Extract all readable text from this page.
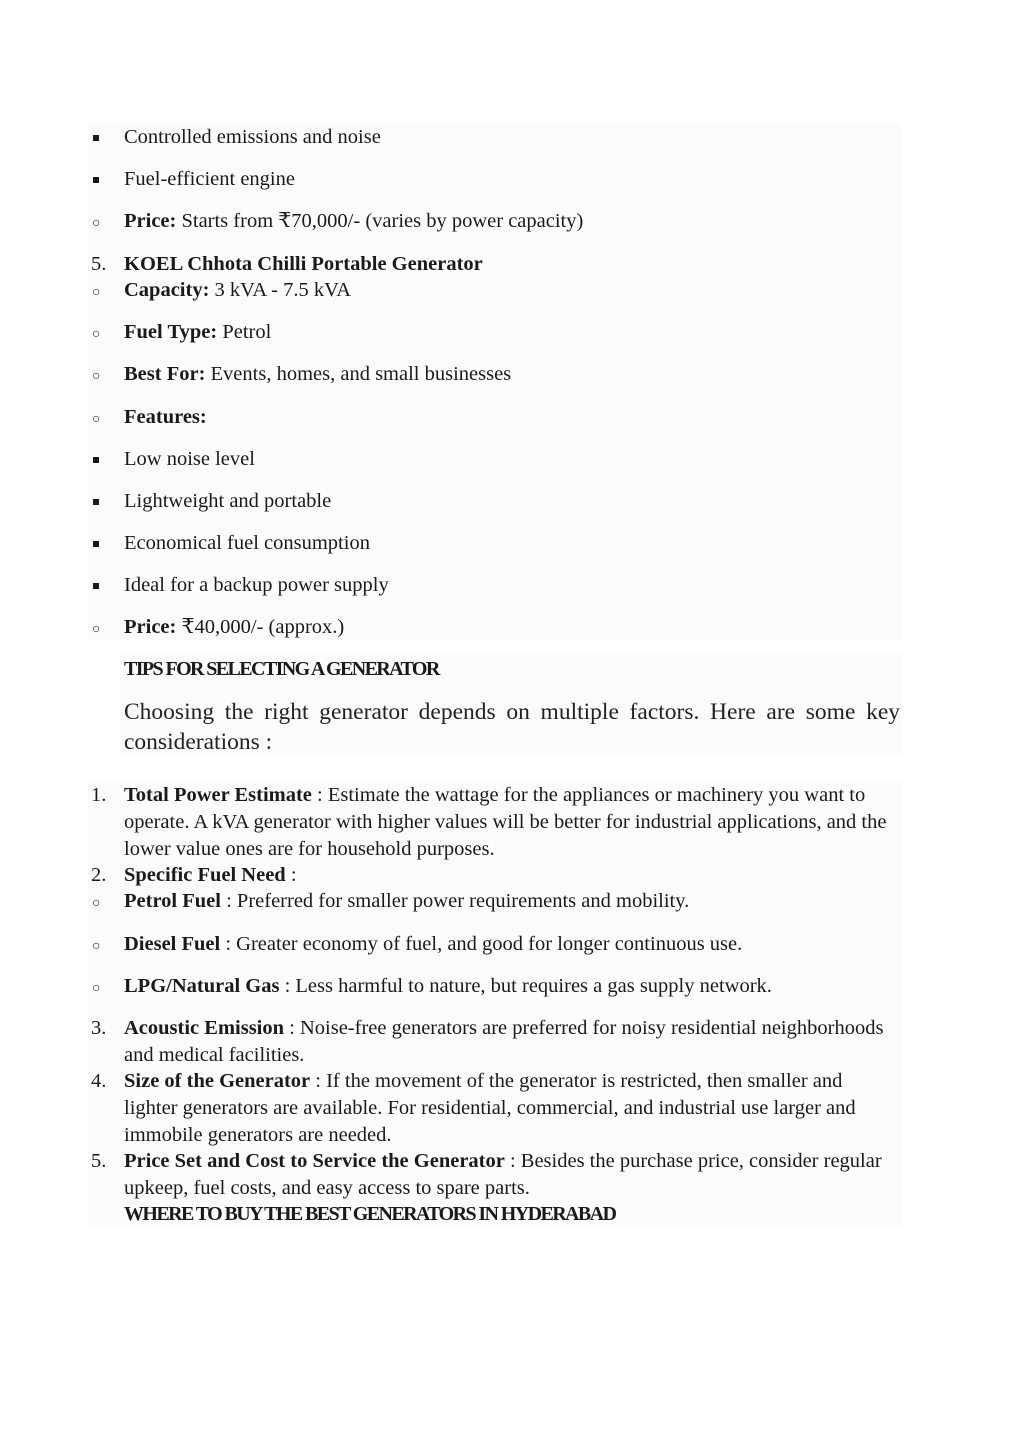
Controlled emissions and noise
Fuel-efficient engine
○ Price: Starts from ₹70,000/- (varies by power capacity)
5. KOEL Chhota Chilli Portable Generator
○ Capacity: 3 kVA - 7.5 kVA
○ Fuel Type: Petrol
○ Best For: Events, homes, and small businesses
○ Features:
Low noise level
Lightweight and portable
Economical fuel consumption
Ideal for a backup power supply
○ Price: ₹40,000/- (approx.)
TIPS FOR SELECTING A GENERATOR
Choosing the right generator depends on multiple factors. Here are some key considerations :
1. Total Power Estimate : Estimate the wattage for the appliances or machinery you want to operate. A kVA generator with higher values will be better for industrial applications, and the lower value ones are for household purposes.
2. Specific Fuel Need :
○ Petrol Fuel : Preferred for smaller power requirements and mobility.
○ Diesel Fuel : Greater economy of fuel, and good for longer continuous use.
○ LPG/Natural Gas : Less harmful to nature, but requires a gas supply network.
3. Acoustic Emission : Noise-free generators are preferred for noisy residential neighborhoods and medical facilities.
4. Size of the Generator : If the movement of the generator is restricted, then smaller and lighter generators are available. For residential, commercial, and industrial use larger and immobile generators are needed.
5. Price Set and Cost to Service the Generator : Besides the purchase price, consider regular upkeep, fuel costs, and easy access to spare parts.
WHERE TO BUY THE BEST GENERATORS IN HYDERABAD
